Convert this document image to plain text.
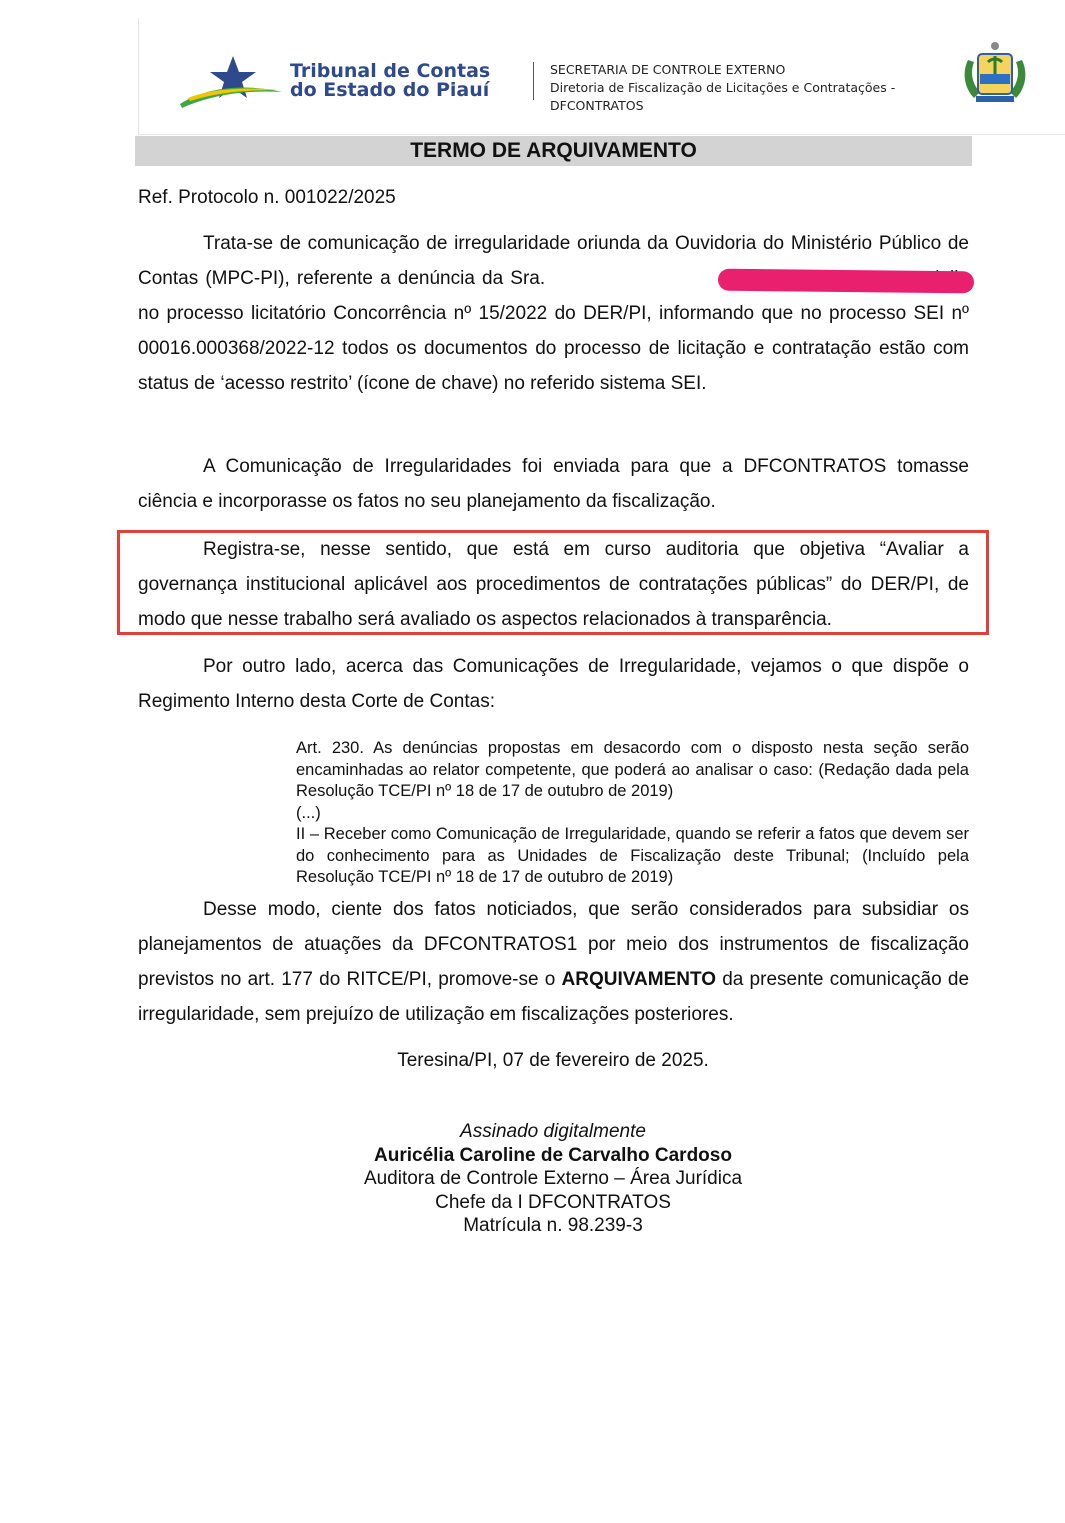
Tribunal de Contas
do Estado do Piauí
SECRETARIA DE CONTROLE EXTERNO
Diretoria de Fiscalização de Licitações e Contratações -
DFCONTRATOS
TERMO DE ARQUIVAMENTO
Ref. Protocolo n. 001022/2025

Trata-se de comunicação de irregularidade oriunda da Ouvidoria do Ministério Público de Contas (MPC-PI), referente a denúncia da Sra. no processo licitatório Concorrência nº 15/2022 do DER/PI, informando que no processo SEI nº 00016.000368/2022-12 todos os documentos do processo de licitação e contratação estão com status de ‘acesso restrito’ (ícone de chave) no referido sistema SEI.

A Comunicação de Irregularidades foi enviada para que a DFCONTRATOS tomasse ciência e incorporasse os fatos no seu planejamento da fiscalização.

Registra-se, nesse sentido, que está em curso auditoria que objetiva “Avaliar a governança institucional aplicável aos procedimentos de contratações públicas” do DER/PI, de modo que nesse trabalho será avaliado os aspectos relacionados à transparência.

Por outro lado, acerca das Comunicações de Irregularidade, vejamos o que dispõe o Regimento Interno desta Corte de Contas:

Art. 230. As denúncias propostas em desacordo com o disposto nesta seção serão encaminhadas ao relator competente, que poderá ao analisar o caso: (Redação dada pela Resolução TCE/PI nº 18 de 17 de outubro de 2019)
(...)
II – Receber como Comunicação de Irregularidade, quando se referir a fatos que devem ser do conhecimento para as Unidades de Fiscalização deste Tribunal; (Incluído pela Resolução TCE/PI nº 18 de 17 de outubro de 2019)

Desse modo, ciente dos fatos noticiados, que serão considerados para subsidiar os planejamentos de atuações da DFCONTRATOS1 por meio dos instrumentos de fiscalização previstos no art. 177 do RITCE/PI, promove-se o ARQUIVAMENTO da presente comunicação de irregularidade, sem prejuízo de utilização em fiscalizações posteriores.

Teresina/PI, 07 de fevereiro de 2025.
Assinado digitalmente
Auricélia Caroline de Carvalho Cardoso
Auditora de Controle Externo – Área Jurídica
Chefe da I DFCONTRATOS
Matrícula n. 98.239-3
